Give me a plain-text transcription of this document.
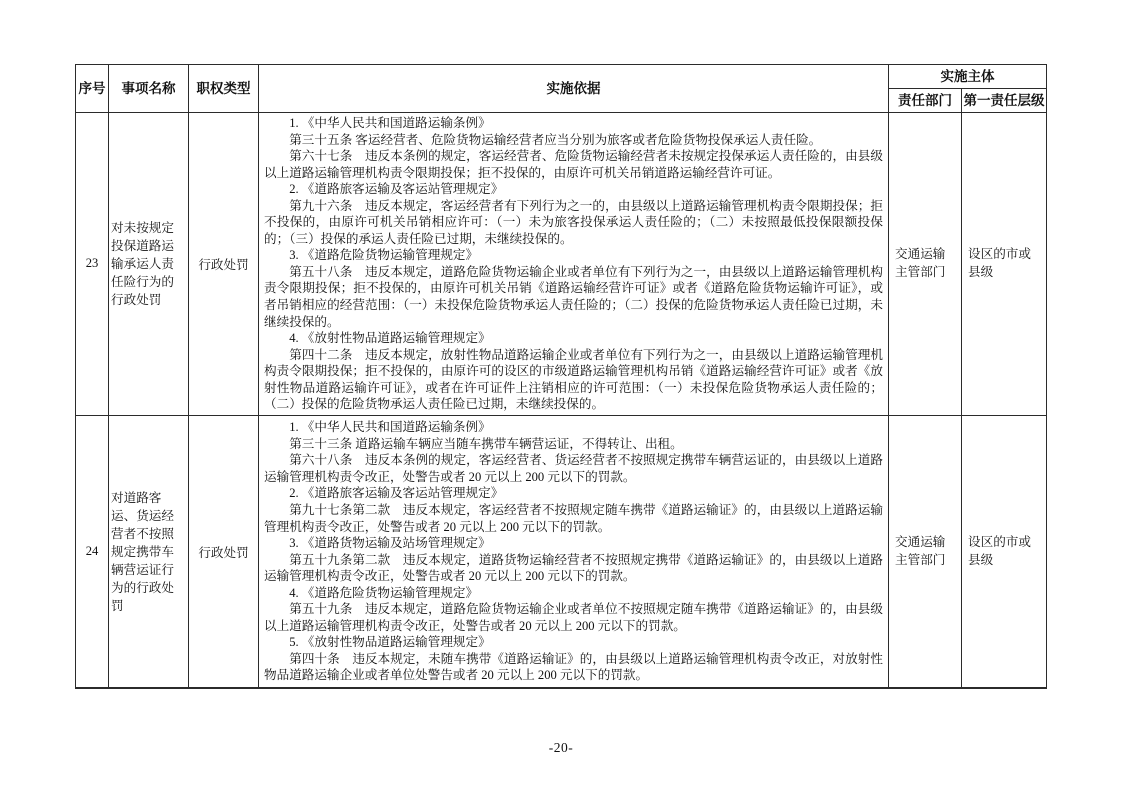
序号	事项名称	职权类型	实施依据	实施主体	
				责任部门	第一责任层级
23	对未按规定投保道路运输承运人责任险行为的行政处罚	行政处罚	

1. 《中华人民共和国道路运输条例》

第三十五条 客运经营者、危险货物运输经营者应当分别为旅客或者危险货物投保承运人责任险。

第六十七条　违反本条例的规定，客运经营者、危险货物运输经营者未按规定投保承运人责任险的，由县级以上道路运输管理机构责令限期投保；拒不投保的，由原许可机关吊销道路运输经营许可证。

2. 《道路旅客运输及客运站管理规定》

第九十六条　违反本规定，客运经营者有下列行为之一的，由县级以上道路运输管理机构责令限期投保；拒不投保的，由原许可机关吊销相应许可：（一）未为旅客投保承运人责任险的；（二）未按照最低投保限额投保的；（三）投保的承运人责任险已过期，未继续投保的。

3. 《道路危险货物运输管理规定》

第五十八条　违反本规定，道路危险货物运输企业或者单位有下列行为之一，由县级以上道路运输管理机构责令限期投保；拒不投保的，由原许可机关吊销《道路运输经营许可证》或者《道路危险货物运输许可证》，或者吊销相应的经营范围：（一）未投保危险货物承运人责任险的；（二）投保的危险货物承运人责任险已过期，未继续投保的。

4. 《放射性物品道路运输管理规定》

第四十二条　违反本规定，放射性物品道路运输企业或者单位有下列行为之一，由县级以上道路运输管理机构责令限期投保；拒不投保的，由原许可的设区的市级道路运输管理机构吊销《道路运输经营许可证》或者《放射性物品道路运输许可证》，或者在许可证件上注销相应的许可范围：（一）未投保危险货物承运人责任险的；（二）投保的危险货物承运人责任险已过期，未继续投保的。

	交通运输主管部门	设区的市或县级
24	对道路客运、货运经营者不按照规定携带车辆营运证行为的行政处罚	行政处罚	

1. 《中华人民共和国道路运输条例》

第三十三条 道路运输车辆应当随车携带车辆营运证，不得转让、出租。

第六十八条　违反本条例的规定，客运经营者、货运经营者不按照规定携带车辆营运证的，由县级以上道路运输管理机构责令改正，处警告或者 20 元以上 200 元以下的罚款。

2. 《道路旅客运输及客运站管理规定》

第九十七条第二款　违反本规定，客运经营者不按照规定随车携带《道路运输证》的，由县级以上道路运输管理机构责令改正，处警告或者 20 元以上 200 元以下的罚款。

3. 《道路货物运输及站场管理规定》

第五十九条第二款　违反本规定，道路货物运输经营者不按照规定携带《道路运输证》的，由县级以上道路运输管理机构责令改正，处警告或者 20 元以上 200 元以下的罚款。

4. 《道路危险货物运输管理规定》

第五十九条　违反本规定，道路危险货物运输企业或者单位不按照规定随车携带《道路运输证》的，由县级以上道路运输管理机构责令改正，处警告或者 20 元以上 200 元以下的罚款。

5. 《放射性物品道路运输管理规定》

第四十条　违反本规定，未随车携带《道路运输证》的，由县级以上道路运输管理机构责令改正，对放射性物品道路运输企业或者单位处警告或者 20 元以上 200 元以下的罚款。

	交通运输主管部门	设区的市或县级
-20-
